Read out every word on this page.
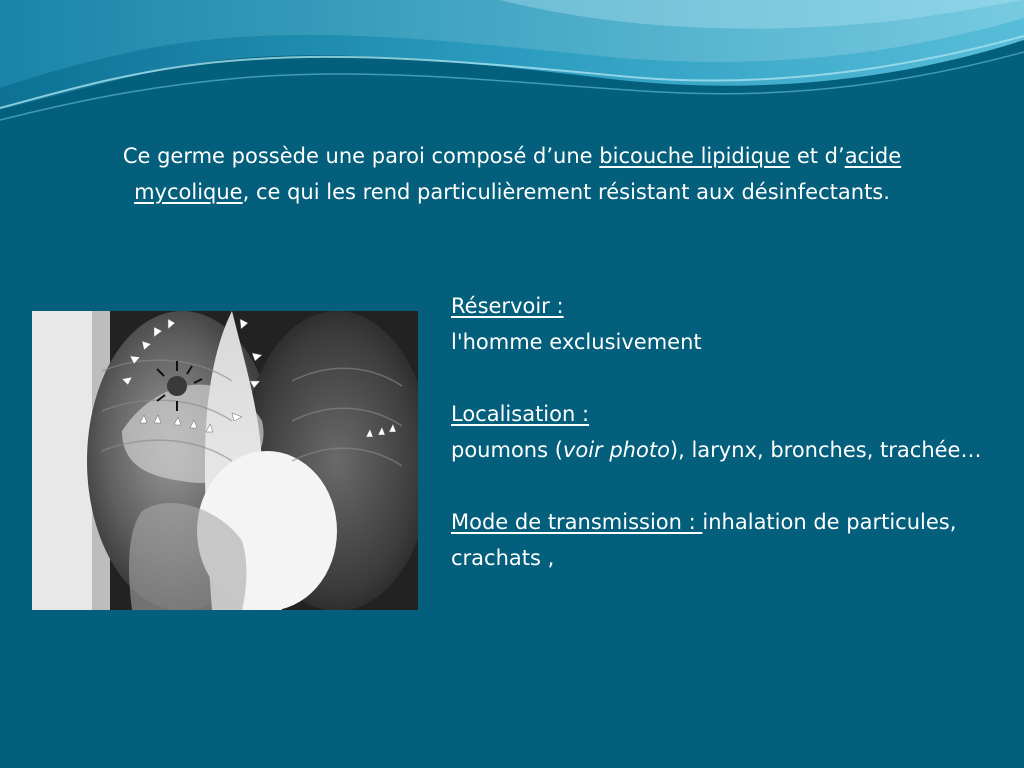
Ce germe possède une paroi composé d’une bicouche lipidique et d’acide mycolique, ce qui les rend particulièrement résistant aux désinfectants.

Réservoir :

l'homme exclusivement

Localisation :

poumons (voir photo), larynx, bronches, trachée…

Mode de transmission : inhalation de particules, crachats ,
